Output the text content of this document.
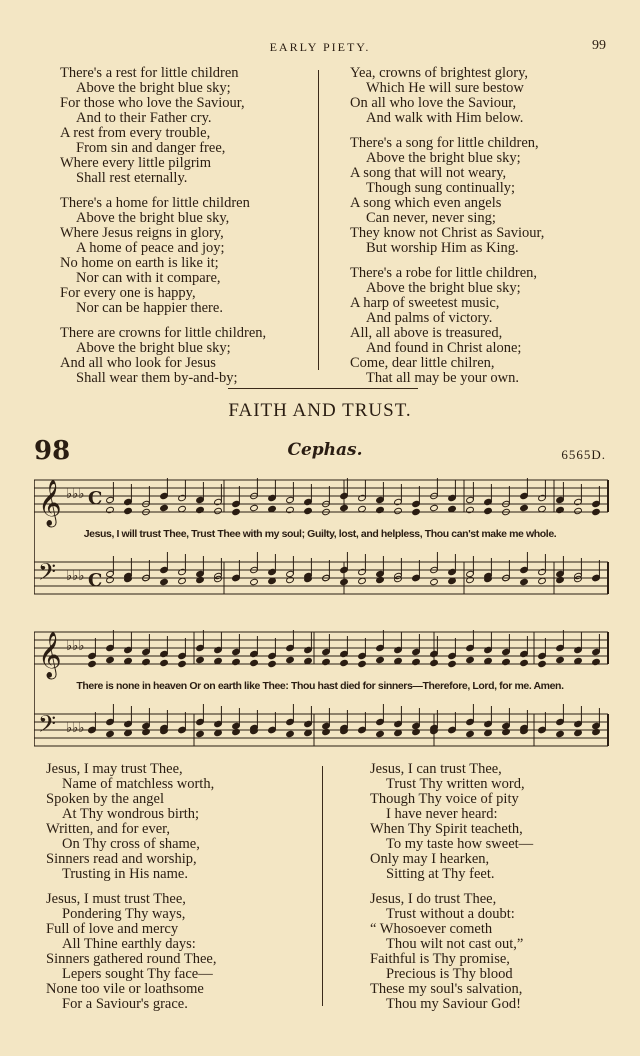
EARLY PIETY.	99
There's a rest for little children
Above the bright blue sky;
For those who love the Saviour,
And to their Father cry.
A rest from every trouble,
From sin and danger free,
Where every little pilgrim
Shall rest eternally.
There's a home for little children
Above the bright blue sky,
Where Jesus reigns in glory,
A home of peace and joy;
No home on earth is like it;
Nor can with it compare,
For every one is happy,
Nor can be happier there.
There are crowns for little children,
Above the bright blue sky;
And all who look for Jesus
Shall wear them by-and-by;
Yea, crowns of brightest glory,
Which He will sure bestow
On all who love the Saviour,
And walk with Him below.
There's a song for little children,
Above the bright blue sky;
A song that will not weary,
Though sung continually;
A song which even angels
Can never, never sing;
They know not Christ as Saviour,
But worship Him as King.
There's a robe for little children,
Above the bright blue sky;
A harp of sweetest music,
And palms of victory.
All, all above is treasured,
And found in Christ alone;
Come, dear little chilren,
That all may be your own.
FAITH AND TRUST.
98	Cephas.	6565D.
𝄞
𝄢
♭♭♭
♭♭♭
C
C
Jesus, I will trust Thee, Trust Thee with my soul; Guilty, lost, and helpless, Thou can'st make me whole.
𝄞
𝄢
♭♭♭
♭♭♭
There is none in heaven Or on earth like Thee: Thou hast died for sinners—Therefore, Lord, for me. Amen.
Jesus, I may trust Thee,
Name of matchless worth,
Spoken by the angel
At Thy wondrous birth;
Written, and for ever,
On Thy cross of shame,
Sinners read and worship,
Trusting in His name.
Jesus, I must trust Thee,
Pondering Thy ways,
Full of love and mercy
All Thine earthly days:
Sinners gathered round Thee,
Lepers sought Thy face—
None too vile or loathsome
For a Saviour's grace.
Jesus, I can trust Thee,
Trust Thy written word,
Though Thy voice of pity
I have never heard:
When Thy Spirit teacheth,
To my taste how sweet—
Only may I hearken,
Sitting at Thy feet.
Jesus, I do trust Thee,
Trust without a doubt:
“ Whosoever cometh
Thou wilt not cast out,”
Faithful is Thy promise,
Precious is Thy blood
These my soul's salvation,
Thou my Saviour God!
